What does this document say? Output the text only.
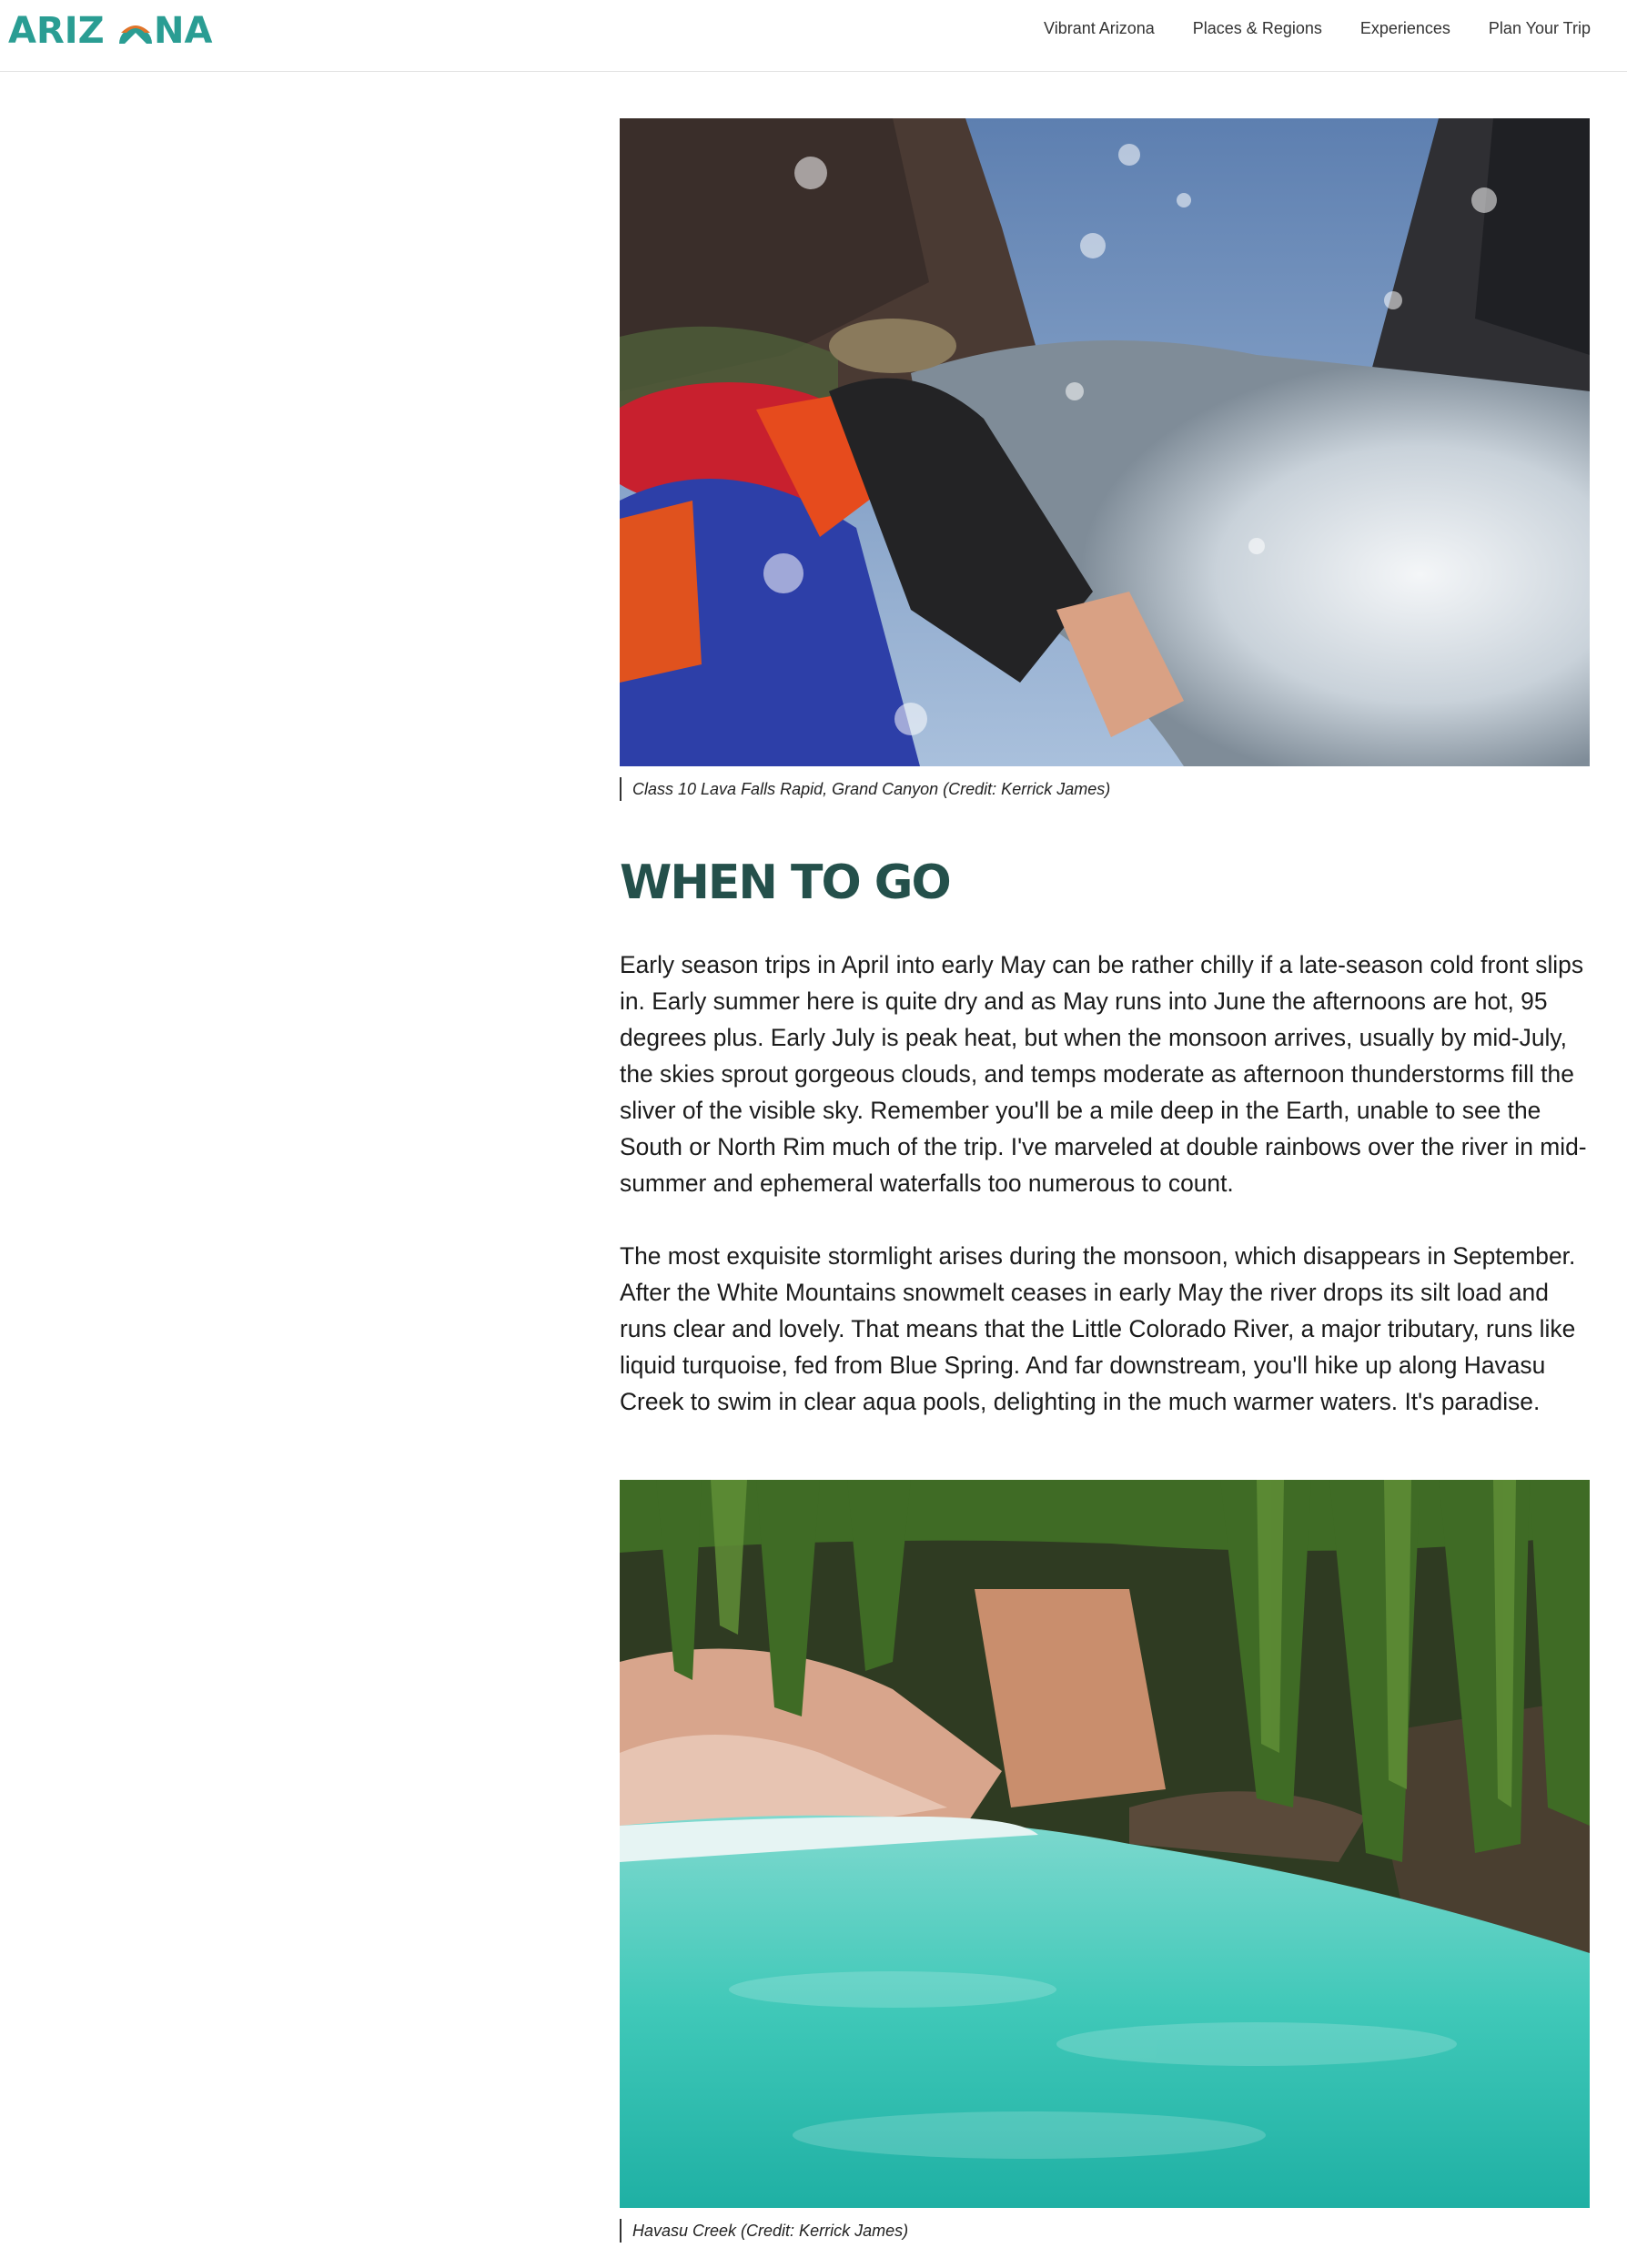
ARIZ NA	Vibrant Arizona Places & Regions Experiences Plan Your Trip
Class 10 Lava Falls Rapid, Grand Canyon (Credit: Kerrick James)
WHEN TO GO

Early season trips in April into early May can be rather chilly if a late-season cold front slips in. Early summer here is quite dry and as May runs into June the afternoons are hot, 95 degrees plus. Early July is peak heat, but when the monsoon arrives, usually by mid-July, the skies sprout gorgeous clouds, and temps moderate as afternoon thunderstorms fill the sliver of the visible sky. Remember you'll be a mile deep in the Earth, unable to see the South or North Rim much of the trip. I've marveled at double rainbows over the river in mid-summer and ephemeral waterfalls too numerous to count.

The most exquisite stormlight arises during the monsoon, which disappears in September. After the White Mountains snowmelt ceases in early May the river drops its silt load and runs clear and lovely. That means that the Little Colorado River, a major tributary, runs like liquid turquoise, fed from Blue Spring. And far downstream, you'll hike up along Havasu Creek to swim in clear aqua pools, delighting in the much warmer waters. It's paradise.

Havasu Creek (Credit: Kerrick James)
